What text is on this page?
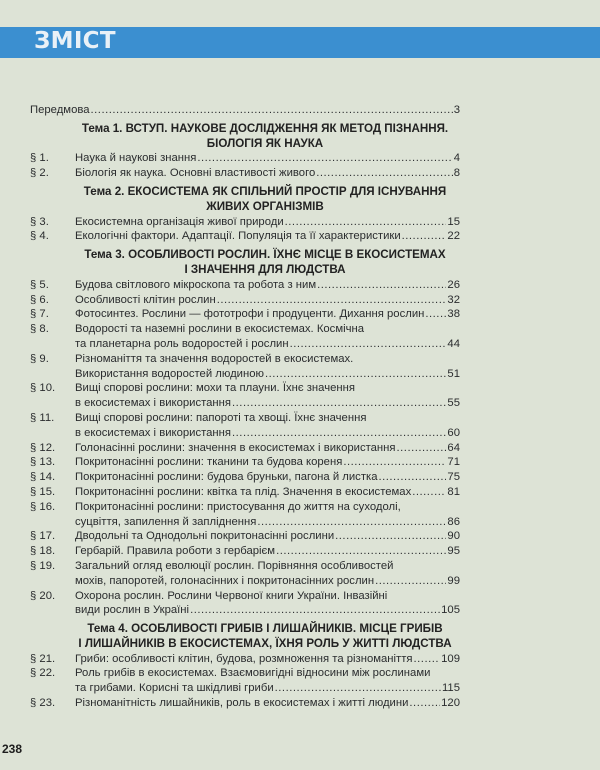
ЗМІСТ
Передмова .....	3
Тема 1. ВСТУП. НАУКОВЕ ДОСЛІДЖЕННЯ ЯК МЕТОД ПІЗНАННЯ.
БІОЛОГІЯ ЯК НАУКА
§ 1.	Наука й наукові знання .....	4
§ 2.	Біологія як наука. Основні властивості живого .....	8
Тема 2. ЕКОСИСТЕМА ЯК СПІЛЬНИЙ ПРОСТІР ДЛЯ ІСНУВАННЯ
ЖИВИХ ОРГАНІЗМІВ
§ 3.	Екосистемна організація живої природи .....	15
§ 4.	Екологічні фактори. Адаптації. Популяція та її характеристики .....	22
Тема 3. ОСОБЛИВОСТІ РОСЛИН. ЇХНЄ МІСЦЕ В ЕКОСИСТЕМАХ
І ЗНАЧЕННЯ ДЛЯ ЛЮДСТВА
§ 5.	Будова світлового мікроскопа та робота з ним .....	26
§ 6.	Особливості клітин рослин .....	32
§ 7.	Фотосинтез. Рослини — фототрофи і продуценти. Дихання рослин ..... 38
§ 8.	Водорості та наземні рослини в екосистемах. Космічна
та планетарна роль водоростей і рослин .....	44
§ 9.	Різноманіття та значення водоростей в екосистемах.
Використання водоростей людиною .....	51
§ 10.	Вищі спорові рослини: мохи та плауни. Їхнє значення
в екосистемах і використання .....	55
§ 11.	Вищі спорові рослини: папороті та хвощі. Їхнє значення
в екосистемах і використання .....	60
§ 12.	Голонасінні рослини: значення в екосистемах і використання .....	64
§ 13.	Покритонасінні рослини: тканини та будова кореня .....	71
§ 14.	Покритонасінні рослини: будова бруньки, пагона й листка .....	75
§ 15.	Покритонасінні рослини: квітка та плід. Значення в екосистемах .....	81
§ 16.	Покритонасінні рослини: пристосування до життя на суходолі,
суцвіття, запилення й запліднення .....	86
§ 17.	Дводольні та Однодольні покритонасінні рослини .....	90
§ 18.	Гербарій. Правила роботи з гербарієм .....	95
§ 19.	Загальний огляд еволюції рослин. Порівняння особливостей
мохів, папоротей, голонасінних і покритонасінних рослин .....	99
§ 20.	Охорона рослин. Рослини Червоної книги України. Інвазійні
види рослин в Україні .....	105
Тема 4. ОСОБЛИВОСТІ ГРИБІВ І ЛИШАЙНИКІВ. МІСЦЕ ГРИБІВ
І ЛИШАЙНИКІВ В ЕКОСИСТЕМАХ, ЇХНЯ РОЛЬ У ЖИТТІ ЛЮДСТВА
§ 21.	Гриби: особливості клітин, будова, розмноження та різноманіття .....	109
§ 22.	Роль грибів в екосистемах. Взаємовигідні відносини між рослинами
та грибами. Корисні та шкідливі гриби .....	115
§ 23.	Різноманітність лишайників, роль в екосистемах і житті людини .....	120
238
